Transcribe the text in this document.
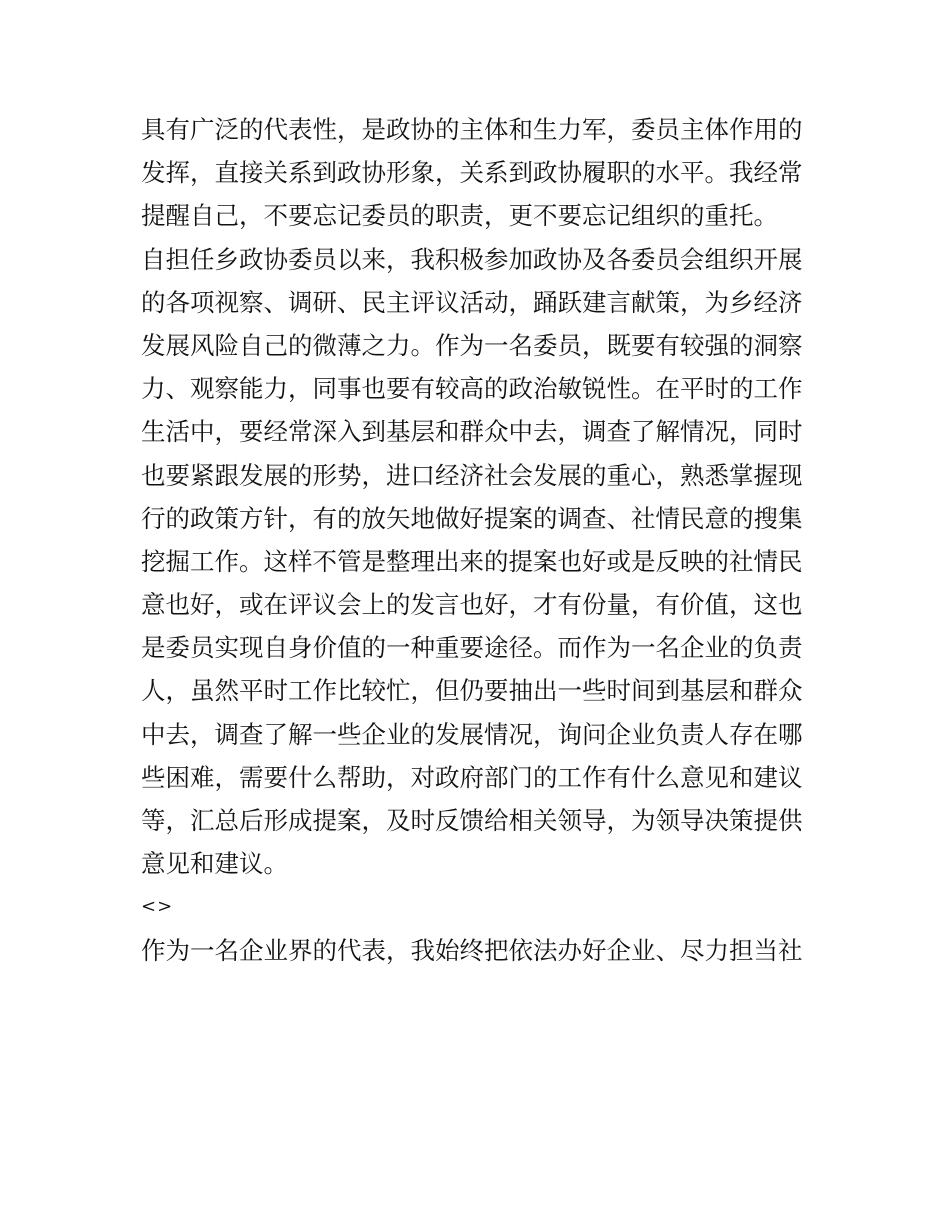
具有广泛的代表性，是政协的主体和生力军，委员主体作用的
发挥，直接关系到政协形象，关系到政协履职的水平。我经常
提醒自己，不要忘记委员的职责，更不要忘记组织的重托。
自担任乡政协委员以来，我积极参加政协及各委员会组织开展
的各项视察、调研、民主评议活动，踊跃建言献策，为乡经济
发展风险自己的微薄之力。作为一名委员，既要有较强的洞察
力、观察能力，同事也要有较高的政治敏锐性。在平时的工作
生活中，要经常深入到基层和群众中去，调查了解情况，同时
也要紧跟发展的形势，进口经济社会发展的重心，熟悉掌握现
行的政策方针，有的放矢地做好提案的调查、社情民意的搜集
挖掘工作。这样不管是整理出来的提案也好或是反映的社情民
意也好，或在评议会上的发言也好，才有份量，有价值，这也
是委员实现自身价值的一种重要途径。而作为一名企业的负责
人，虽然平时工作比较忙，但仍要抽出一些时间到基层和群众
中去，调查了解一些企业的发展情况，询问企业负责人存在哪
些困难，需要什么帮助，对政府部门的工作有什么意见和建议
等，汇总后形成提案，及时反馈给相关领导，为领导决策提供
意见和建议。
<>
作为一名企业界的代表，我始终把依法办好企业、尽力担当社
